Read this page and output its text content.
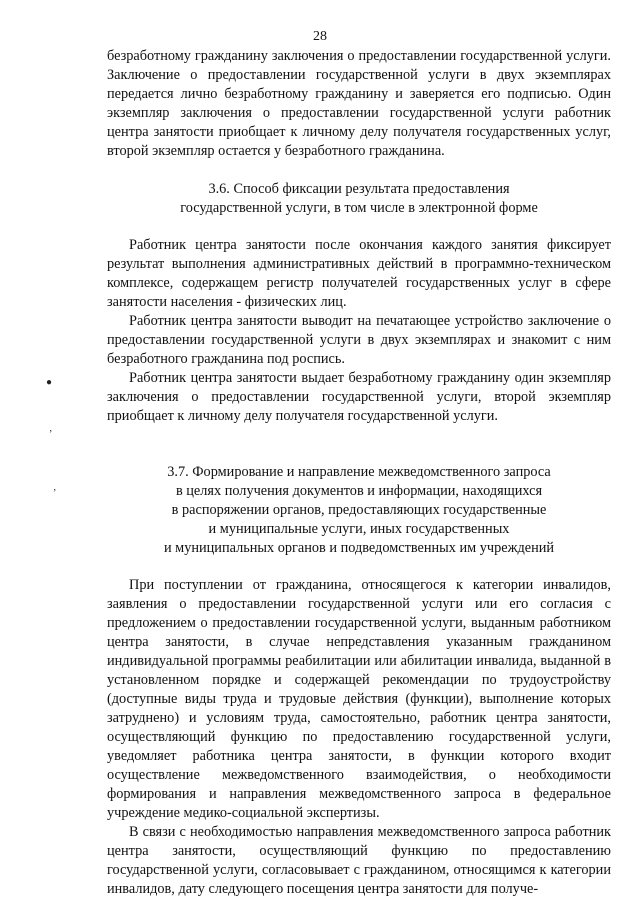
28
●
’
’

безработному гражданину заключения о предоставлении государственной услуги. Заключение о предоставлении государственной услуги в двух экземплярах передается лично безработному гражданину и заверяется его подписью. Один экземпляр заключения о предоставлении государственной услуги работник центра занятости приобщает к личному делу получателя государственных услуг, второй экземпляр остается у безработного гражданина.

3.6. Способ фиксации результата предоставления
государственной услуги, в том числе в электронной форме

Работник центра занятости после окончания каждого занятия фиксирует результат выполнения административных действий в программно-техническом комплексе, содержащем регистр получателей государственных услуг в сфере занятости населения - физических лиц.

Работник центра занятости выводит на печатающее устройство заключение о предоставлении государственной услуги в двух экземплярах и знакомит с ним безработного гражданина под роспись.

Работник центра занятости выдает безработному гражданину один экземпляр заключения о предоставлении государственной услуги, второй экземпляр приобщает к личному делу получателя государственной услуги.

3.7. Формирование и направление межведомственного запроса
в целях получения документов и информации, находящихся
в распоряжении органов, предоставляющих государственные
и муниципальные услуги, иных государственных
и муниципальных органов и подведомственных им учреждений

При поступлении от гражданина, относящегося к категории инвалидов, заявления о предоставлении государственной услуги или его согласия с предложением о предоставлении государственной услуги, выданным работником центра занятости, в случае непредставления указанным гражданином индивидуальной программы реабилитации или абилитации инвалида, выданной в установленном порядке и содержащей рекомендации по трудоустройству (доступные виды труда и трудовые действия (функции), выполнение которых затруднено) и условиям труда, самостоятельно, работник центра занятости, осуществляющий функцию по предоставлению государственной услуги, уведомляет работника центра занятости, в функции которого входит осуществление межведомственного взаимодействия, о необходимости формирования и направления межведомственного запроса в федеральное учреждение медико-социальной экспертизы.

В связи с необходимостью направления межведомственного запроса работник центра занятости, осуществляющий функцию по предоставлению государственной услуги, согласовывает с гражданином, относящимся к категории инвалидов, дату следующего посещения центра занятости для получе-
